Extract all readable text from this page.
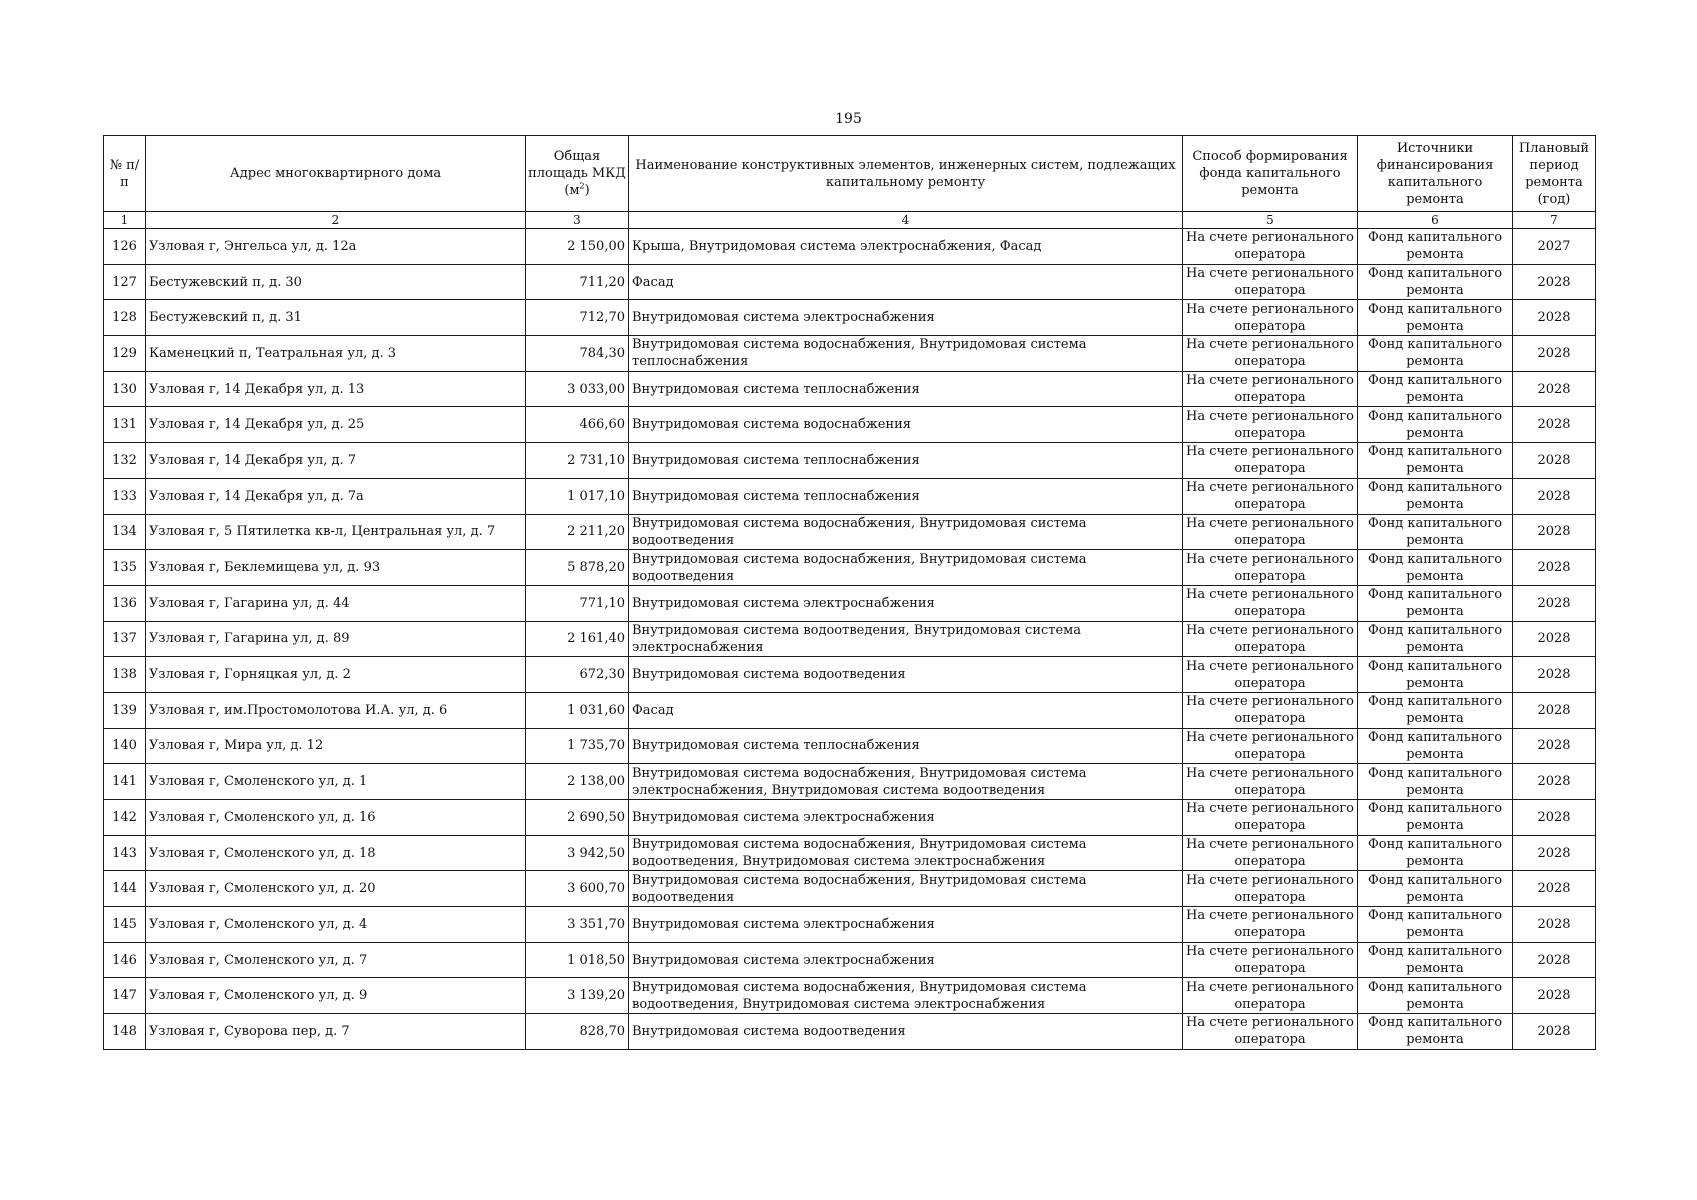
195
№ п/п	Адрес многоквартирного дома	Общая площадь МКД $(м^2)$	Наименование конструктивных элементов, инженерных систем, подлежащих капитальному ремонту	Способ формирования фонда капитального ремонта	Источники финансирования капитального ремонта	Плановый период ремонта (год)
1	2	3	4	5	6	7
126	Узловая г, Энгельса ул, д. 12а	2 150,00	Крыша, Внутридомовая система электроснабжения, Фасад	На счете регионального оператора	Фонд капитального ремонта	2027
127	Бестужевский п, д. 30	711,20	Фасад	На счете регионального оператора	Фонд капитального ремонта	2028
128	Бестужевский п, д. 31	712,70	Внутридомовая система электроснабжения	На счете регионального оператора	Фонд капитального ремонта	2028
129	Каменецкий п, Театральная ул, д. 3	784,30	Внутридомовая система водоснабжения, Внутридомовая система теплоснабжения	На счете регионального оператора	Фонд капитального ремонта	2028
130	Узловая г, 14 Декабря ул, д. 13	3 033,00	Внутридомовая система теплоснабжения	На счете регионального оператора	Фонд капитального ремонта	2028
131	Узловая г, 14 Декабря ул, д. 25	466,60	Внутридомовая система водоснабжения	На счете регионального оператора	Фонд капитального ремонта	2028
132	Узловая г, 14 Декабря ул, д. 7	2 731,10	Внутридомовая система теплоснабжения	На счете регионального оператора	Фонд капитального ремонта	2028
133	Узловая г, 14 Декабря ул, д. 7а	1 017,10	Внутридомовая система теплоснабжения	На счете регионального оператора	Фонд капитального ремонта	2028
134	Узловая г, 5 Пятилетка кв-л, Центральная ул, д. 7	2 211,20	Внутридомовая система водоснабжения, Внутридомовая система водоотведения	На счете регионального оператора	Фонд капитального ремонта	2028
135	Узловая г, Беклемищева ул, д. 93	5 878,20	Внутридомовая система водоснабжения, Внутридомовая система водоотведения	На счете регионального оператора	Фонд капитального ремонта	2028
136	Узловая г, Гагарина ул, д. 44	771,10	Внутридомовая система электроснабжения	На счете регионального оператора	Фонд капитального ремонта	2028
137	Узловая г, Гагарина ул, д. 89	2 161,40	Внутридомовая система водоотведения, Внутридомовая система электроснабжения	На счете регионального оператора	Фонд капитального ремонта	2028
138	Узловая г, Горняцкая ул, д. 2	672,30	Внутридомовая система водоотведения	На счете регионального оператора	Фонд капитального ремонта	2028
139	Узловая г, им.Простомолотова И.А. ул, д. 6	1 031,60	Фасад	На счете регионального оператора	Фонд капитального ремонта	2028
140	Узловая г, Мира ул, д. 12	1 735,70	Внутридомовая система теплоснабжения	На счете регионального оператора	Фонд капитального ремонта	2028
141	Узловая г, Смоленского ул, д. 1	2 138,00	Внутридомовая система водоснабжения, Внутридомовая система электроснабжения, Внутридомовая система водоотведения	На счете регионального оператора	Фонд капитального ремонта	2028
142	Узловая г, Смоленского ул, д. 16	2 690,50	Внутридомовая система электроснабжения	На счете регионального оператора	Фонд капитального ремонта	2028
143	Узловая г, Смоленского ул, д. 18	3 942,50	Внутридомовая система водоснабжения, Внутридомовая система водоотведения, Внутридомовая система электроснабжения	На счете регионального оператора	Фонд капитального ремонта	2028
144	Узловая г, Смоленского ул, д. 20	3 600,70	Внутридомовая система водоснабжения, Внутридомовая система водоотведения	На счете регионального оператора	Фонд капитального ремонта	2028
145	Узловая г, Смоленского ул, д. 4	3 351,70	Внутридомовая система электроснабжения	На счете регионального оператора	Фонд капитального ремонта	2028
146	Узловая г, Смоленского ул, д. 7	1 018,50	Внутридомовая система электроснабжения	На счете регионального оператора	Фонд капитального ремонта	2028
147	Узловая г, Смоленского ул, д. 9	3 139,20	Внутридомовая система водоснабжения, Внутридомовая система водоотведения, Внутридомовая система электроснабжения	На счете регионального оператора	Фонд капитального ремонта	2028
148	Узловая г, Суворова пер, д. 7	828,70	Внутридомовая система водоотведения	На счете регионального оператора	Фонд капитального ремонта	2028
